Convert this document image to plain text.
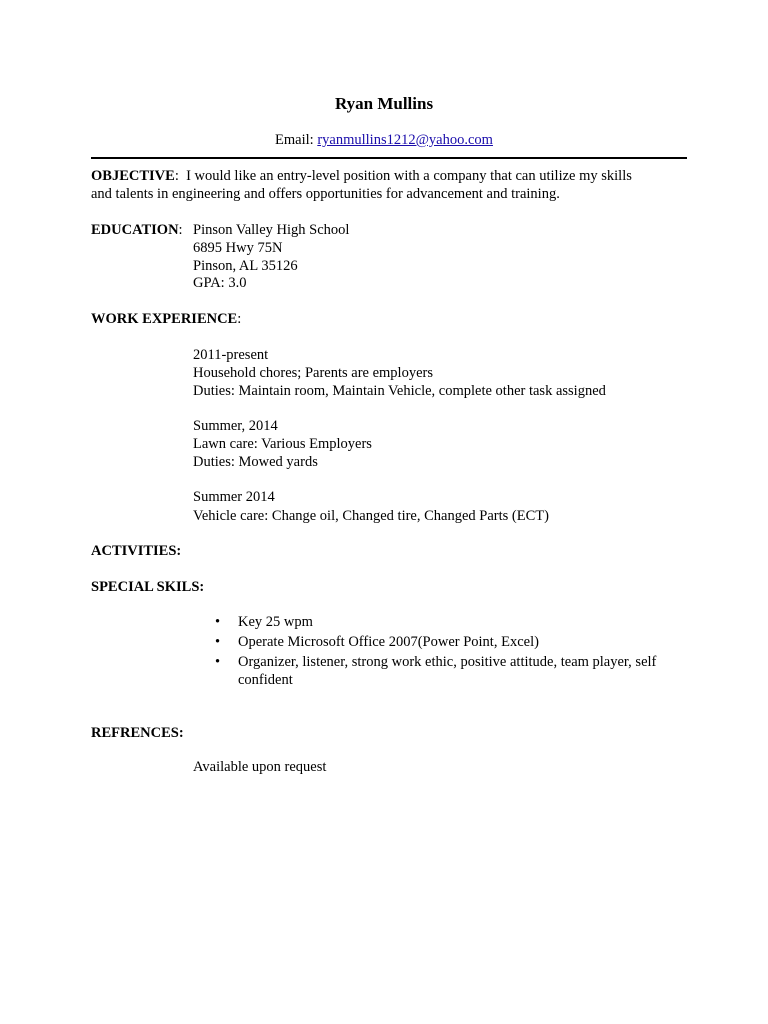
Ryan Mullins
Email: ryanmullins1212@yahoo.com
OBJECTIVE:  I would like an entry-level position with a company that can utilize my skills
and talents in engineering and offers opportunities for advancement and training.
EDUCATION: Pinson Valley High School
6895 Hwy 75N
Pinson, AL 35126
GPA: 3.0
WORK EXPERIENCE:
2011-present
Household chores; Parents are employers
Duties: Maintain room, Maintain Vehicle, complete other task assigned
Summer, 2014
Lawn care: Various Employers
Duties: Mowed yards
Summer 2014
Vehicle care: Change oil, Changed tire, Changed Parts (ECT)
ACTIVITIES:
SPECIAL SKILS:
• Key 25 wpm
• Operate Microsoft Office 2007(Power Point, Excel)
• Organizer, listener, strong work ethic, positive attitude, team player, self confident
REFRENCES:
Available upon request
